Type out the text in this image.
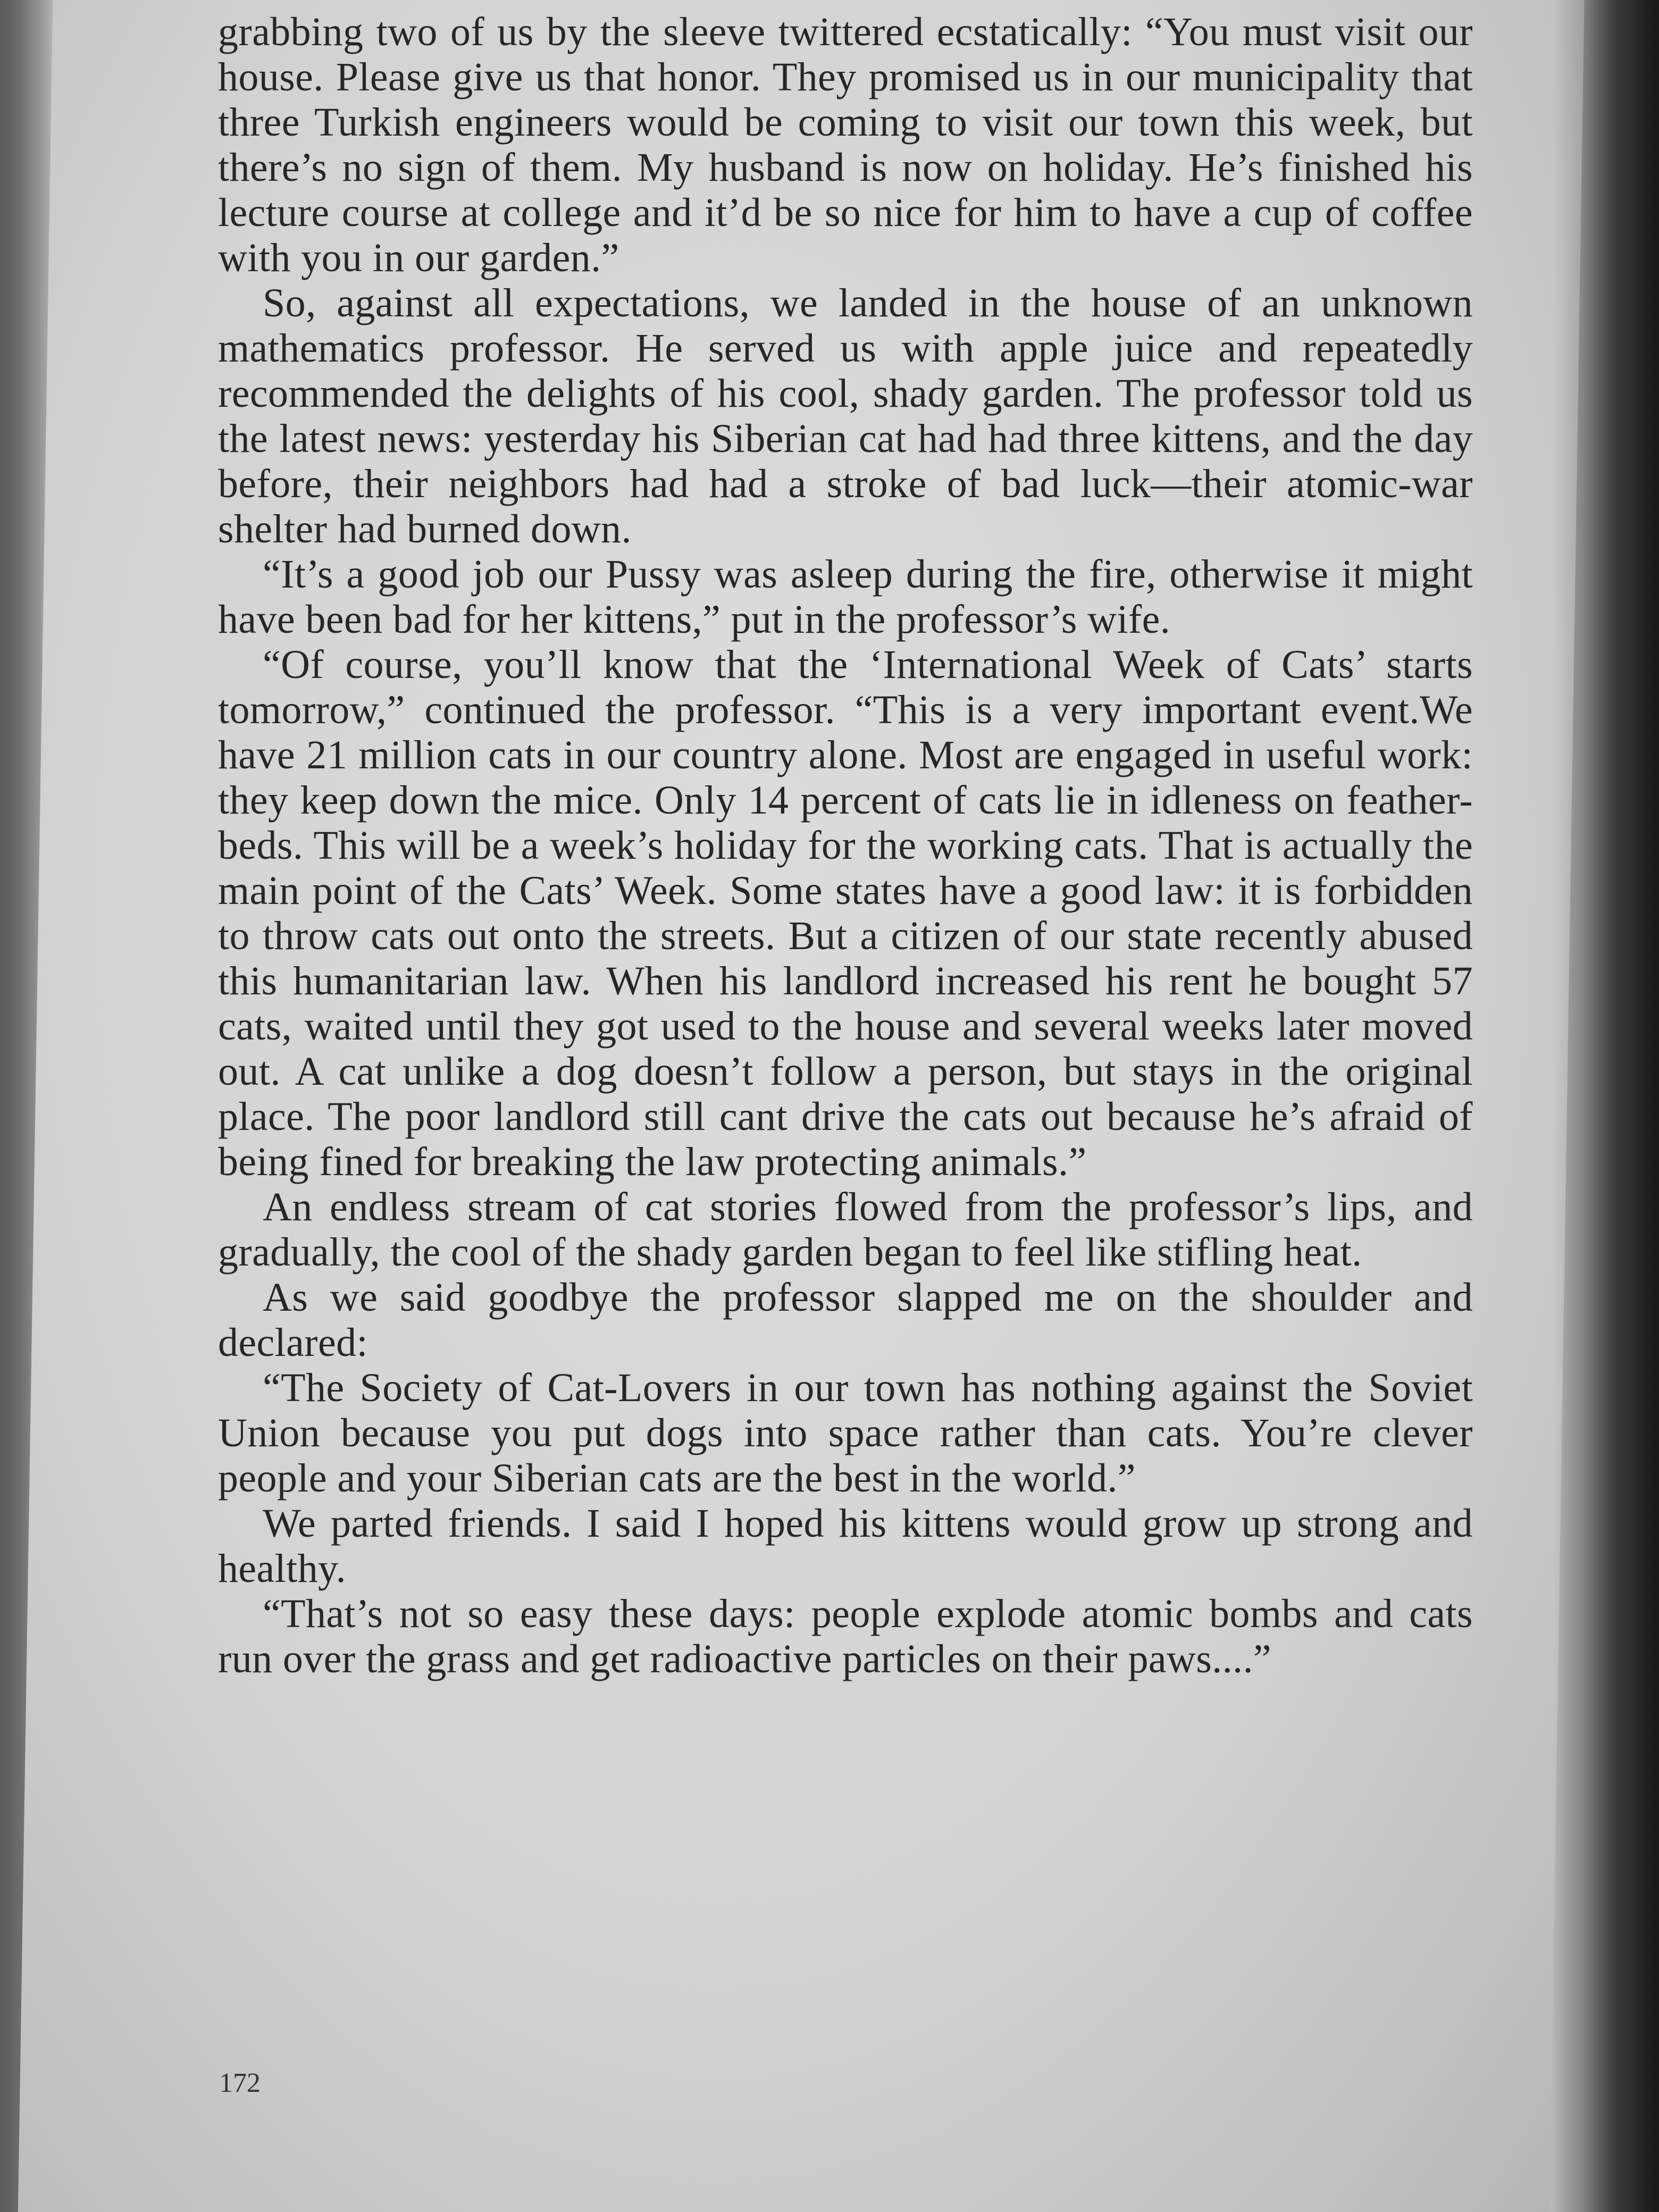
grabbing two of us by the sleeve twittered ecstatically: “You must visit our house. Please give us that honor. They promised us in our municipality that three Turkish engineers would be coming to visit our town this week, but there’s no sign of them. My husband is now on holiday. He’s finished his lecture course at college and it’d be so nice for him to have a cup of coffee with you in our garden.”

So, against all expectations, we landed in the house of an unknown mathematics professor. He served us with apple juice and repeatedly recommended the delights of his cool, shady garden. The professor told us the latest news: yesterday his Siberian cat had had three kittens, and the day before, their neighbors had had a stroke of bad luck—their atomic-war shelter had burned down.

“It’s a good job our Pussy was asleep during the fire, otherwise it might have been bad for her kittens,” put in the professor’s wife.

“Of course, you’ll know that the ‘International Week of Cats’ starts tomorrow,” continued the professor. “This is a very important event.We have 21 million cats in our country alone. Most are engaged in useful work: they keep down the mice. Only 14 percent of cats lie in idleness on feather-beds. This will be a week’s holiday for the working cats. That is actually the main point of the Cats’ Week. Some states have a good law: it is forbidden to throw cats out onto the streets. But a citizen of our state recently abused this humanitarian law. When his landlord increased his rent he bought 57 cats, waited until they got used to the house and several weeks later moved out. A cat unlike a dog doesn’t follow a person, but stays in the original place. The poor landlord still cant drive the cats out because he’s afraid of being fined for breaking the law protecting animals.”

An endless stream of cat stories flowed from the professor’s lips, and gradually, the cool of the shady garden began to feel like stifling heat.

As we said goodbye the professor slapped me on the shoulder and declared:

“The Society of Cat-Lovers in our town has nothing against the Soviet Union because you put dogs into space rather than cats. You’re clever people and your Siberian cats are the best in the world.”

We parted friends. I said I hoped his kittens would grow up strong and healthy.

“That’s not so easy these days: people explode atomic bombs and cats run over the grass and get radioactive particles on their paws....”

172
